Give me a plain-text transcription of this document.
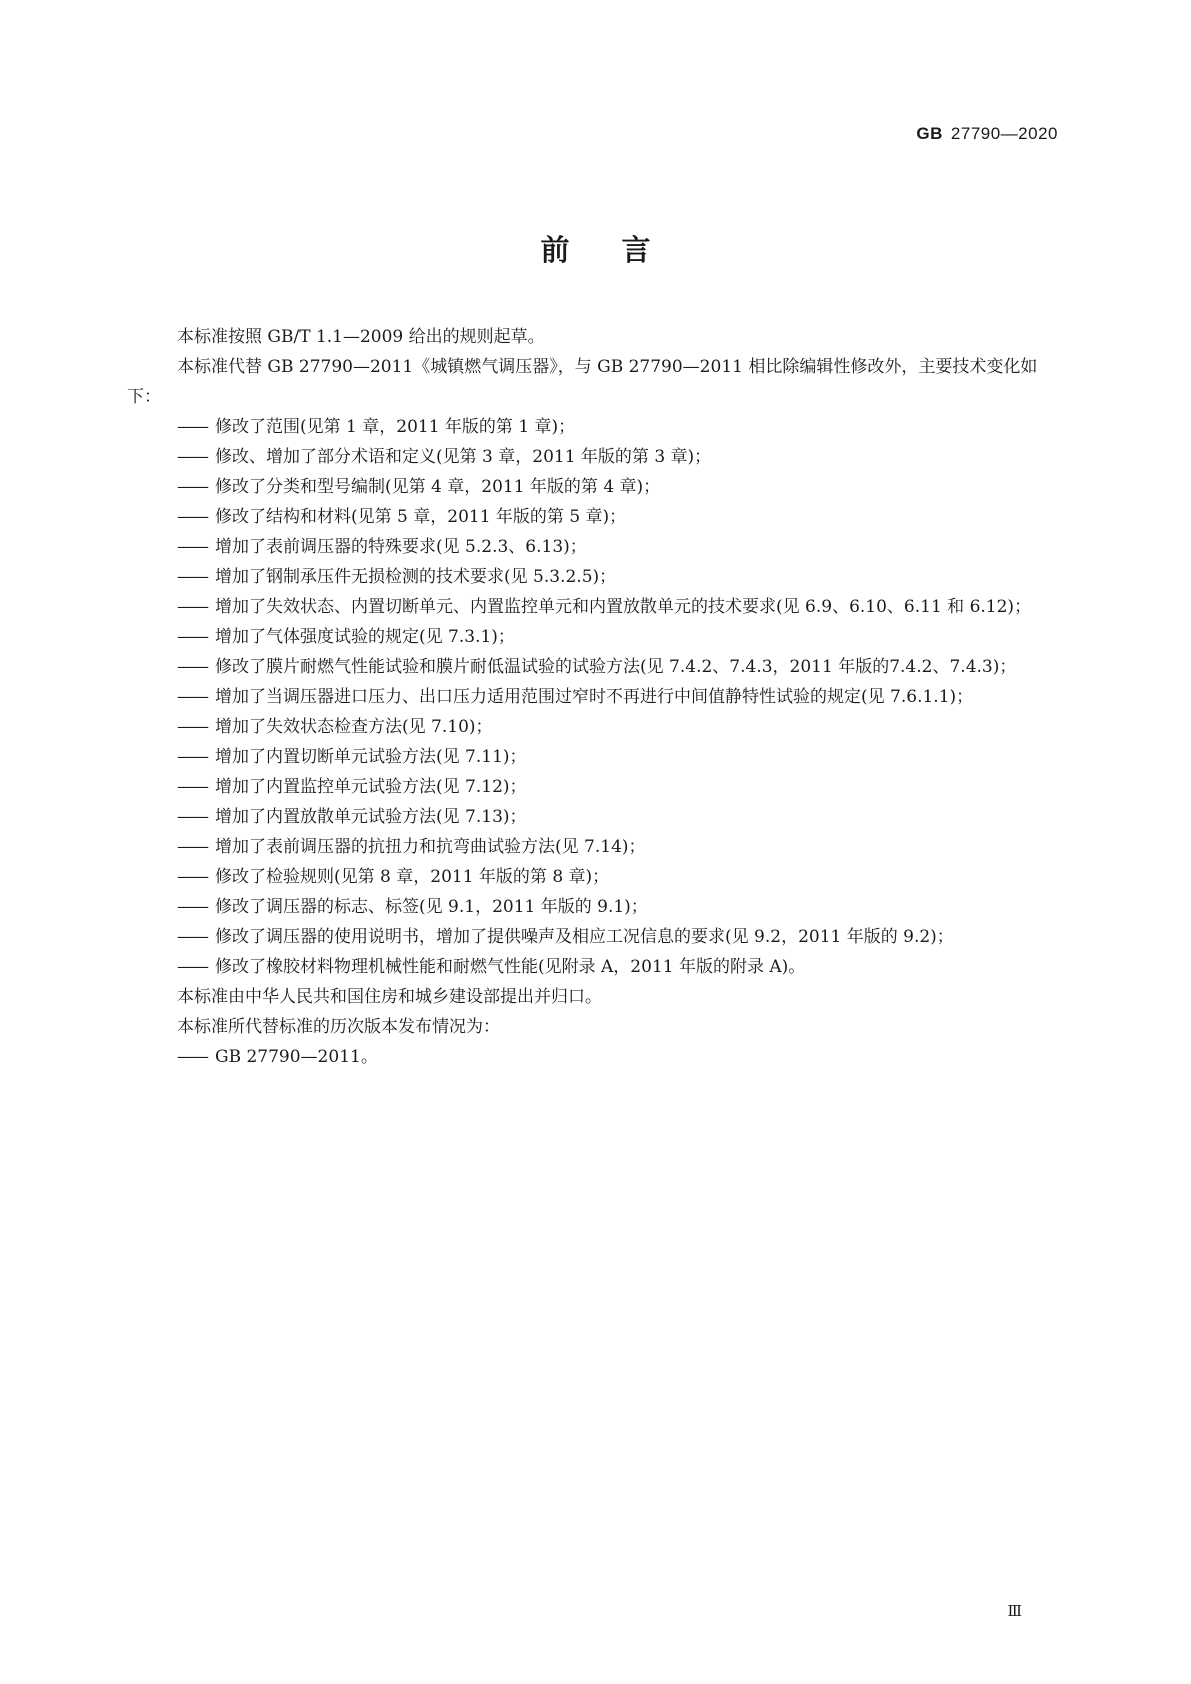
GB 27790—2020
前言

本标准按照 GB/T 1.1—2009 给出的规则起草。

本标准代替 GB 27790—2011《城镇燃气调压器》，与 GB 27790—2011 相比除编辑性修改外，主要技术变化如下：

—— 修改了范围(见第 1 章，2011 年版的第 1 章)；

—— 修改、增加了部分术语和定义(见第 3 章，2011 年版的第 3 章)；

—— 修改了分类和型号编制(见第 4 章，2011 年版的第 4 章)；

—— 修改了结构和材料(见第 5 章，2011 年版的第 5 章)；

—— 增加了表前调压器的特殊要求(见 5.2.3、6.13)；

—— 增加了钢制承压件无损检测的技术要求(见 5.3.2.5)；

—— 增加了失效状态、内置切断单元、内置监控单元和内置放散单元的技术要求(见 6.9、6.10、6.11 和 6.12)；

—— 增加了气体强度试验的规定(见 7.3.1)；

—— 修改了膜片耐燃气性能试验和膜片耐低温试验的试验方法(见 7.4.2、7.4.3，2011 年版的7.4.2、7.4.3)；

—— 增加了当调压器进口压力、出口压力适用范围过窄时不再进行中间值静特性试验的规定(见 7.6.1.1)；

—— 增加了失效状态检查方法(见 7.10)；

—— 增加了内置切断单元试验方法(见 7.11)；

—— 增加了内置监控单元试验方法(见 7.12)；

—— 增加了内置放散单元试验方法(见 7.13)；

—— 增加了表前调压器的抗扭力和抗弯曲试验方法(见 7.14)；

—— 修改了检验规则(见第 8 章，2011 年版的第 8 章)；

—— 修改了调压器的标志、标签(见 9.1，2011 年版的 9.1)；

—— 修改了调压器的使用说明书，增加了提供噪声及相应工况信息的要求(见 9.2，2011 年版的 9.2)；

—— 修改了橡胶材料物理机械性能和耐燃气性能(见附录 A，2011 年版的附录 A)。

本标准由中华人民共和国住房和城乡建设部提出并归口。

本标准所代替标准的历次版本发布情况为：

—— GB 27790—2011。

Ⅲ
